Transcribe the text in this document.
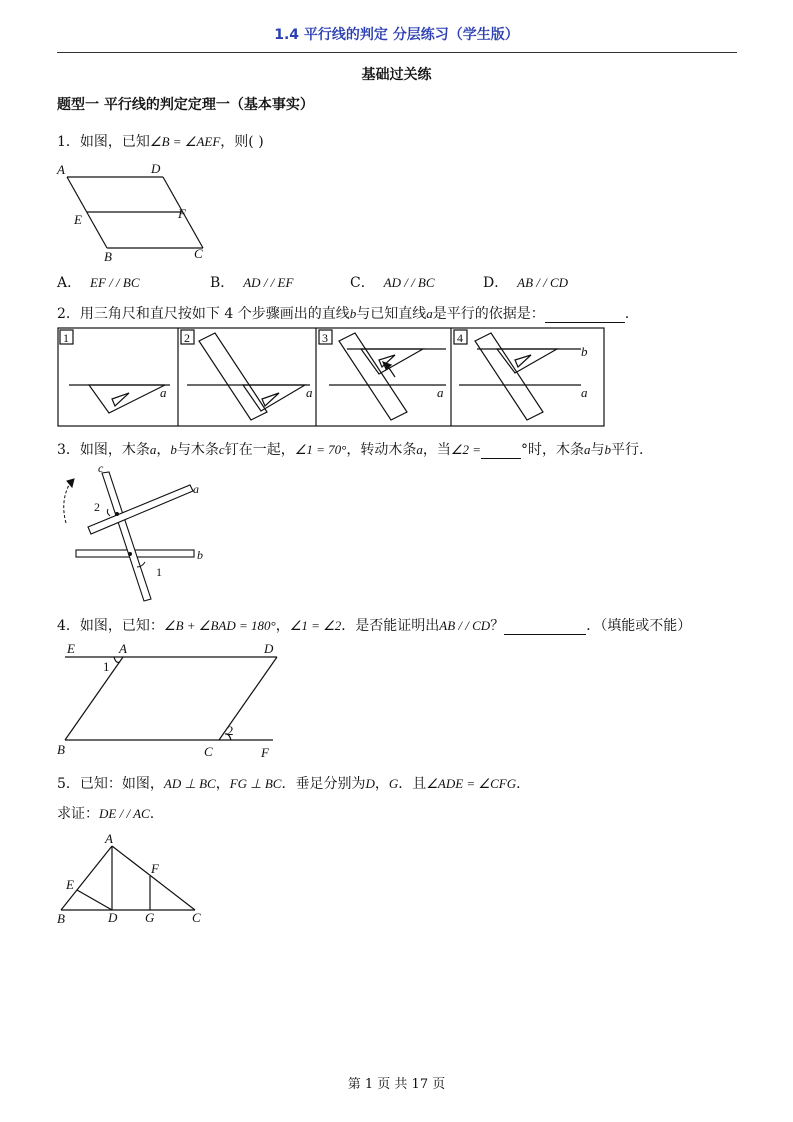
1.4 平行线的判定 分层练习（学生版）
基础过关练
题型一 平行线的判定定理一（基本事实）
1．如图，已知∠B = ∠AEF，则( )
A	D
E	F
B	C
A． EF / / BC	B． AD / / EF	C． AD / / BC	D． AB / / CD
2．用三角尺和直尺按如下 4 个步骤画出的直线b与已知直线a是平行的依据是：	.
1	2	3	4
a	a	a
b
a
3．如图，木条a，b与木条c钉在一起，∠1 = 70°，转动木条a，当∠2 =	°时，木条a与b平行.
c
a
b
2
1
4．如图，已知：∠B + ∠BAD = 180°，∠1 = ∠2．是否能证明出AB / / CD？	．（填能或不能）
E	A	D
B	C	F
1
2
5．已知：如图，AD ⊥ BC，FG ⊥ BC．垂足分别为D，G．且∠ADE = ∠CFG.
求证：DE / / AC.
A
E
F
B	D G	C
第 1 页 共 17 页
